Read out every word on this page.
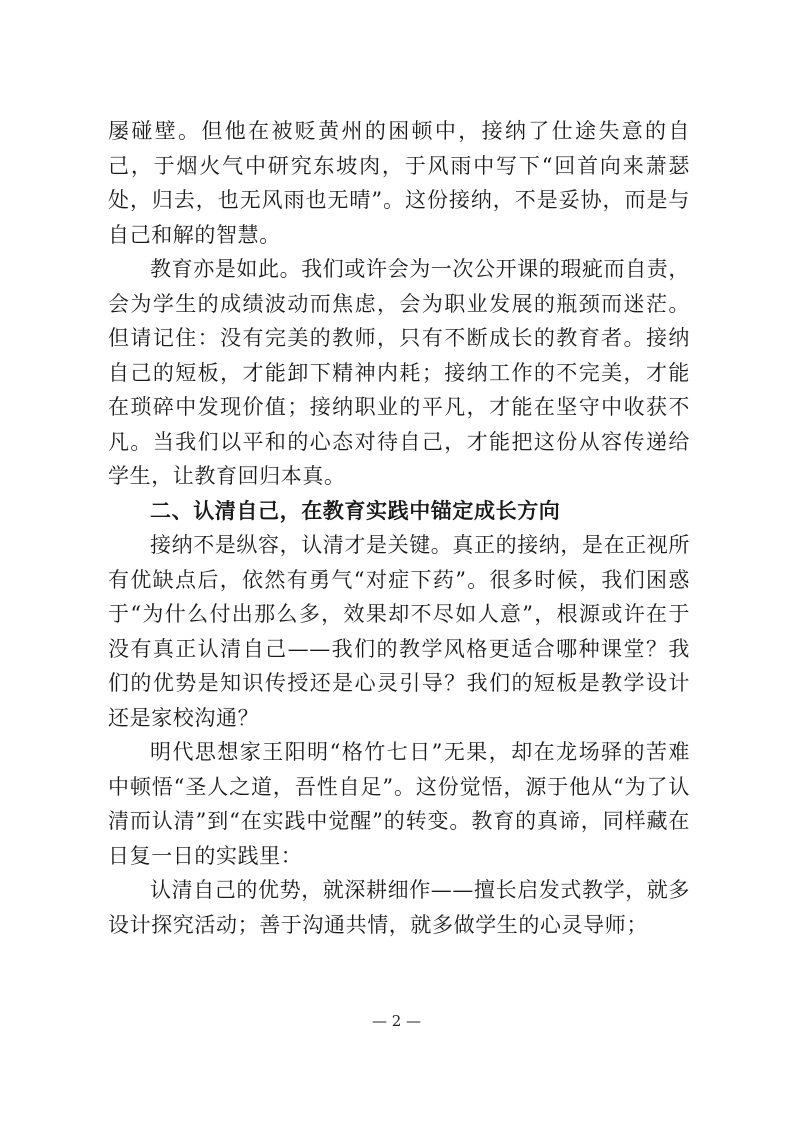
屡碰壁。但他在被贬黄州的困顿中，接纳了仕途失意的自己，于烟火气中研究东坡肉，于风雨中写下“回首向来萧瑟处，归去，也无风雨也无晴”。这份接纳，不是妥协，而是与自己和解的智慧。

教育亦是如此。我们或许会为一次公开课的瑕疵而自责，会为学生的成绩波动而焦虑，会为职业发展的瓶颈而迷茫。但请记住：没有完美的教师，只有不断成长的教育者。接纳自己的短板，才能卸下精神内耗；接纳工作的不完美，才能在琐碎中发现价值；接纳职业的平凡，才能在坚守中收获不凡。当我们以平和的心态对待自己，才能把这份从容传递给学生，让教育回归本真。

二、认清自己，在教育实践中锚定成长方向

接纳不是纵容，认清才是关键。真正的接纳，是在正视所有优缺点后，依然有勇气“对症下药”。很多时候，我们困惑于“为什么付出那么多，效果却不尽如人意”，根源或许在于没有真正认清自己——我们的教学风格更适合哪种课堂？我们的优势是知识传授还是心灵引导？我们的短板是教学设计还是家校沟通？

明代思想家王阳明“格竹七日”无果，却在龙场驿的苦难中顿悟“圣人之道，吾性自足”。这份觉悟，源于他从“为了认清而认清”到“在实践中觉醒”的转变。教育的真谛，同样藏在日复一日的实践里：

认清自己的优势，就深耕细作——擅长启发式教学，就多设计探究活动；善于沟通共情，就多做学生的心灵导师；

— 2 —
